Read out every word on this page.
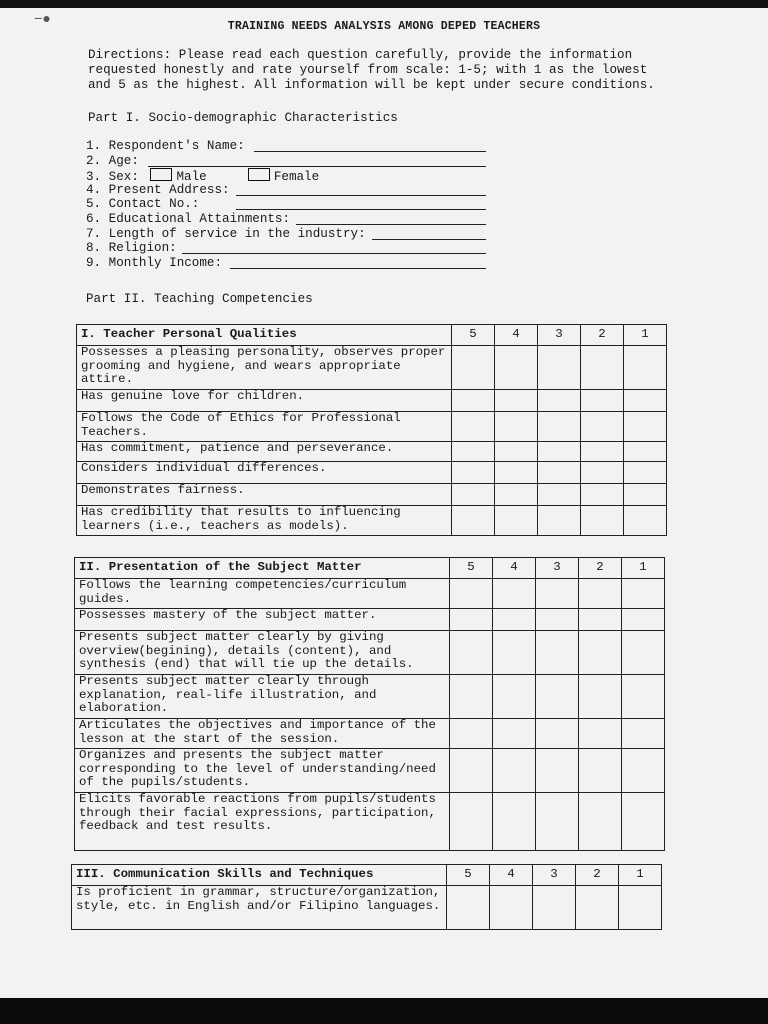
−●	TRAINING NEEDS ANALYSIS AMONG DEPED TEACHERS
Directions: Please read each question carefully, provide the information
requested honestly and rate yourself from scale: 1-5; with 1 as the lowest
and 5 as the highest. All information will be kept under secure conditions.
Part I. Socio-demographic Characteristics
1. Respondent's Name:
2. Age:
3. Sex:	Male	Female
4. Present Address:
5. Contact No.:
6. Educational Attainments:
7. Length of service in the industry:
8. Religion:
9. Monthly Income:
Part II. Teaching Competencies
I. Teacher Personal Qualities	5	4	3	2	1
Possesses a pleasing personality, observes proper grooming and hygiene, and wears appropriate attire.					
Has genuine love for children.					
Follows the Code of Ethics for Professional Teachers.					
Has commitment, patience and perseverance.					
Considers individual differences.					
Demonstrates fairness.					
Has credibility that results to influencing learners (i.e., teachers as models).					
II. Presentation of the Subject Matter	5	4	3	2	1
Follows the learning competencies/curriculum guides.					
Possesses mastery of the subject matter.					
Presents subject matter clearly by giving overview(begining), details (content), and synthesis (end) that will tie up the details.					
Presents subject matter clearly through explanation, real-life illustration, and elaboration.					
Articulates the objectives and importance of the lesson at the start of the session.					
Organizes and presents the subject matter corresponding to the level of understanding/need of the pupils/students.					
Elicits favorable reactions from pupils/students through their facial expressions, participation, feedback and test results.					
III. Communication Skills and Techniques	5	4	3	2	1
Is proficient in grammar, structure/organization, style, etc. in English and/or Filipino languages.					
